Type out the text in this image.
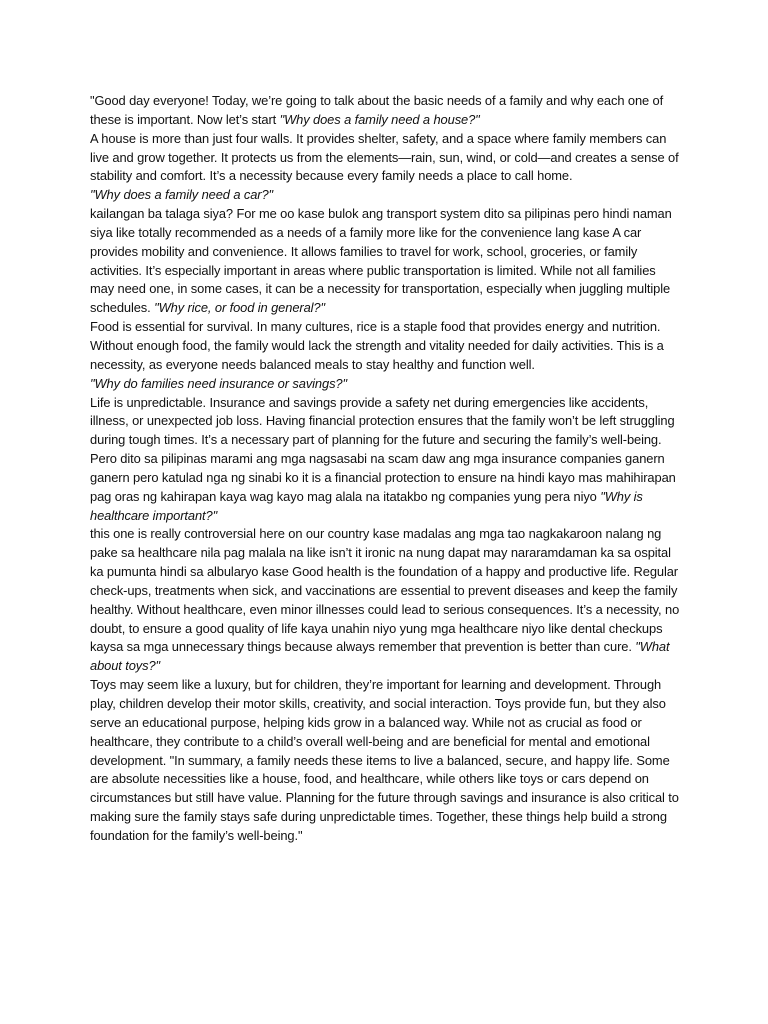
"Good day everyone! Today, we’re going to talk about the basic needs of a family and why each one of these is important. Now let’s start "Why does a family need a house?"

A house is more than just four walls. It provides shelter, safety, and a space where family members can live and grow together. It protects us from the elements—rain, sun, wind, or cold—and creates a sense of stability and comfort. It’s a necessity because every family needs a place to call home.

"Why does a family need a car?"

kailangan ba talaga siya? For me oo kase bulok ang transport system dito sa pilipinas pero hindi naman siya like totally recommended as a needs of a family more like for the convenience lang kase A car provides mobility and convenience. It allows families to travel for work, school, groceries, or family activities. It’s especially important in areas where public transportation is limited. While not all families may need one, in some cases, it can be a necessity for transportation, especially when juggling multiple schedules. "Why rice, or food in general?"

Food is essential for survival. In many cultures, rice is a staple food that provides energy and nutrition. Without enough food, the family would lack the strength and vitality needed for daily activities. This is a necessity, as everyone needs balanced meals to stay healthy and function well.

"Why do families need insurance or savings?"

Life is unpredictable. Insurance and savings provide a safety net during emergencies like accidents, illness, or unexpected job loss. Having financial protection ensures that the family won’t be left struggling during tough times. It’s a necessary part of planning for the future and securing the family’s well-being. Pero dito sa pilipinas marami ang mga nagsasabi na scam daw ang mga insurance companies ganern ganern pero katulad nga ng sinabi ko it is a financial protection to ensure na hindi kayo mas mahihirapan pag oras ng kahirapan kaya wag kayo mag alala na itatakbo ng companies yung pera niyo "Why is healthcare important?"

this one is really controversial here on our country kase madalas ang mga tao nagkakaroon nalang ng pake sa healthcare nila pag malala na like isn’t it ironic na nung dapat may nararamdaman ka sa ospital ka pumunta hindi sa albularyo kase Good health is the foundation of a happy and productive life. Regular check-ups, treatments when sick, and vaccinations are essential to prevent diseases and keep the family healthy. Without healthcare, even minor illnesses could lead to serious consequences. It’s a necessity, no doubt, to ensure a good quality of life kaya unahin niyo yung mga healthcare niyo like dental checkups kaysa sa mga unnecessary things because always remember that prevention is better than cure. "What about toys?"

Toys may seem like a luxury, but for children, they’re important for learning and development. Through play, children develop their motor skills, creativity, and social interaction. Toys provide fun, but they also serve an educational purpose, helping kids grow in a balanced way. While not as crucial as food or healthcare, they contribute to a child’s overall well-being and are beneficial for mental and emotional development. "In summary, a family needs these items to live a balanced, secure, and happy life. Some are absolute necessities like a house, food, and healthcare, while others like toys or cars depend on circumstances but still have value. Planning for the future through savings and insurance is also critical to making sure the family stays safe during unpredictable times. Together, these things help build a strong foundation for the family’s well-being."
